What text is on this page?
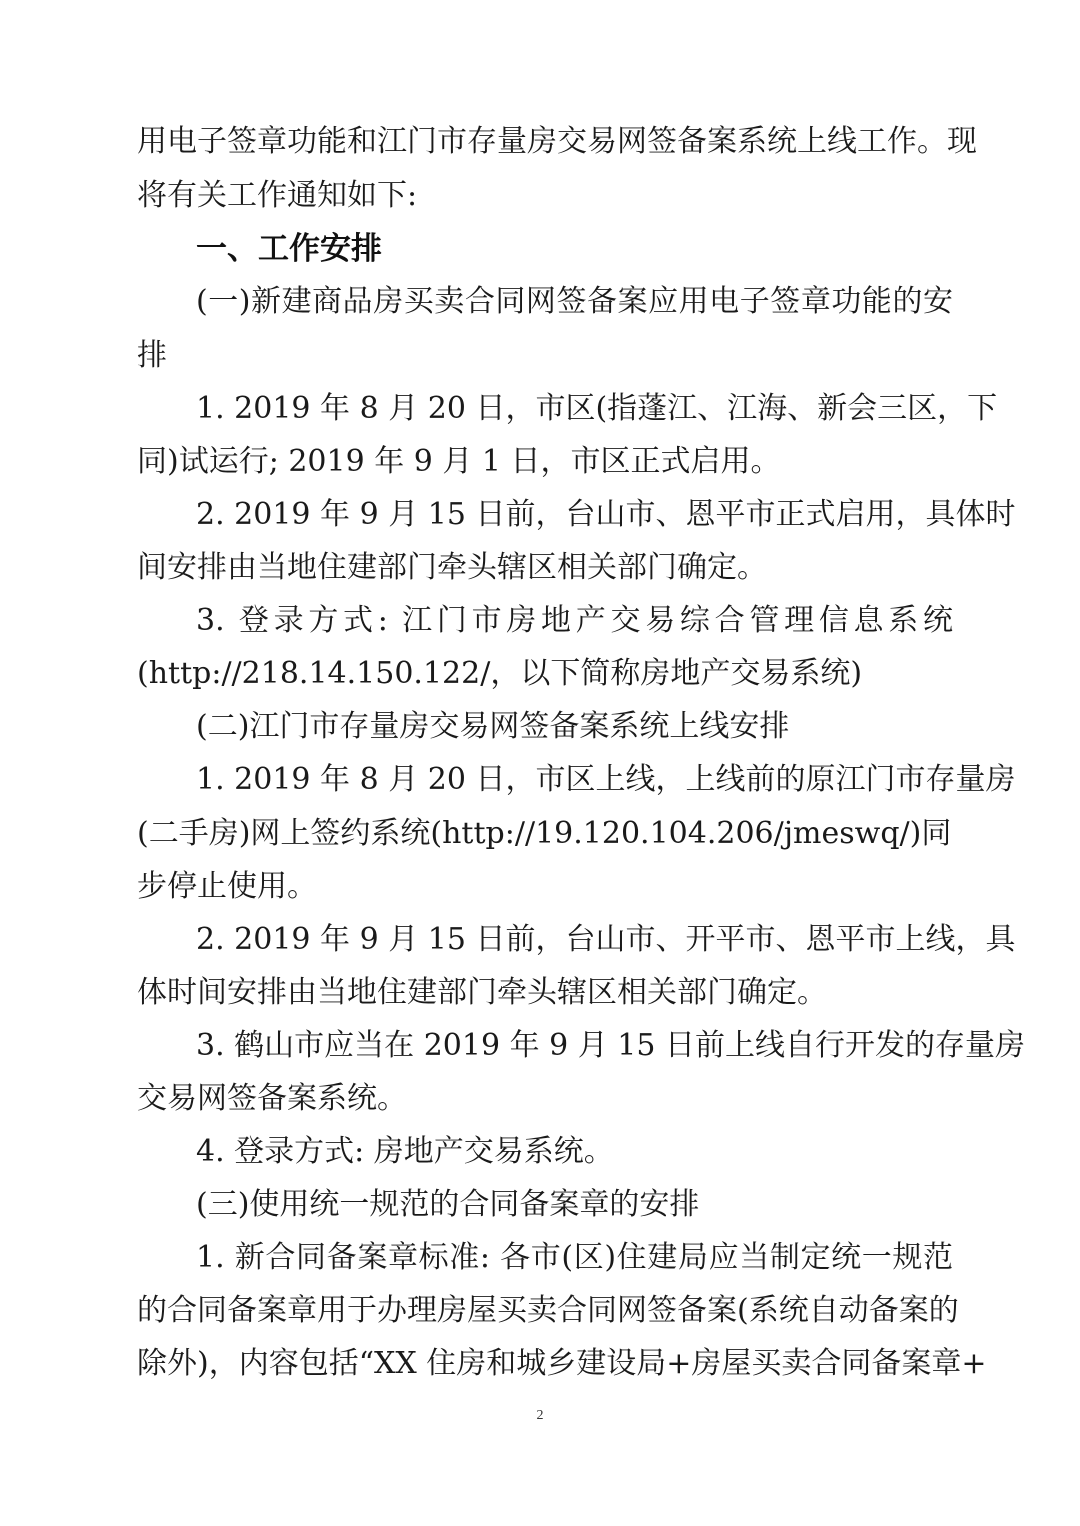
用电子签章功能和江门市存量房交易网签备案系统上线工作。现
将有关工作通知如下:
一、工作安排
(一)新建商品房买卖合同网签备案应用电子签章功能的安
排
1. 2019 年 8 月 20 日，市区(指蓬江、江海、新会三区，下
同)试运行; 2019 年 9 月 1 日，市区正式启用。
2. 2019 年 9 月 15 日前，台山市、恩平市正式启用，具体时
间安排由当地住建部门牵头辖区相关部门确定。
3. 登录方式: 江门市房地产交易综合管理信息系统
(http://218.14.150.122/，以下简称房地产交易系统)
(二)江门市存量房交易网签备案系统上线安排
1. 2019 年 8 月 20 日，市区上线，上线前的原江门市存量房
(二手房)网上签约系统(http://19.120.104.206/jmeswq/)同
步停止使用。
2. 2019 年 9 月 15 日前，台山市、开平市、恩平市上线，具
体时间安排由当地住建部门牵头辖区相关部门确定。
3. 鹤山市应当在 2019 年 9 月 15 日前上线自行开发的存量房
交易网签备案系统。
4. 登录方式: 房地产交易系统。
(三)使用统一规范的合同备案章的安排
1. 新合同备案章标准: 各市(区)住建局应当制定统一规范
的合同备案章用于办理房屋买卖合同网签备案(系统自动备案的
除外)，内容包括“XX 住房和城乡建设局+房屋买卖合同备案章+
2
